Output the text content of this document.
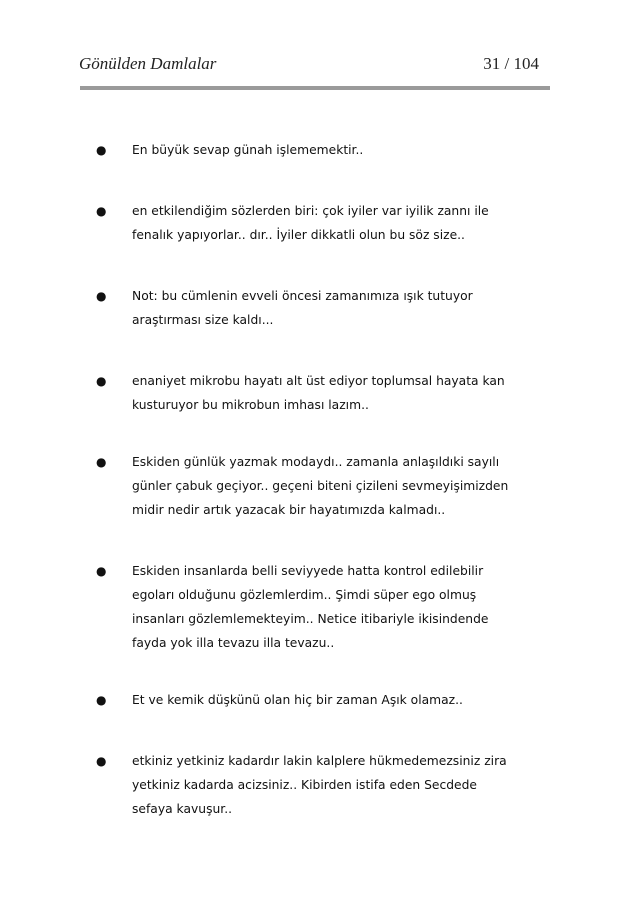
Gönülden Damlalar	31 / 104
● En büyük sevap günah işlememektir..
● en etkilendiğim sözlerden biri: çok iyiler var iyilik zannı ile
fenalık yapıyorlar.. dır.. İyiler dikkatli olun bu söz size..
● Not: bu cümlenin evveli öncesi zamanımıza ışık tutuyor
araştırması size kaldı...
● enaniyet mikrobu hayatı alt üst ediyor toplumsal hayata kan
kusturuyor bu mikrobun imhası lazım..
● Eskiden günlük yazmak modaydı.. zamanla anlaşıldıki sayılı
günler çabuk geçiyor.. geçeni biteni çizileni sevmeyişimizden
midir nedir artık yazacak bir hayatımızda kalmadı..
● Eskiden insanlarda belli seviyyede hatta kontrol edilebilir
egoları olduğunu gözlemlerdim.. Şimdi süper ego olmuş
insanları gözlemlemekteyim.. Netice itibariyle ikisindende
fayda yok illa tevazu illa tevazu..
● Et ve kemik düşkünü olan hiç bir zaman Aşık olamaz..
● etkiniz yetkiniz kadardır lakin kalplere hükmedemezsiniz zira
yetkiniz kadarda acizsiniz.. Kibirden istifa eden Secdede
sefaya kavuşur..
